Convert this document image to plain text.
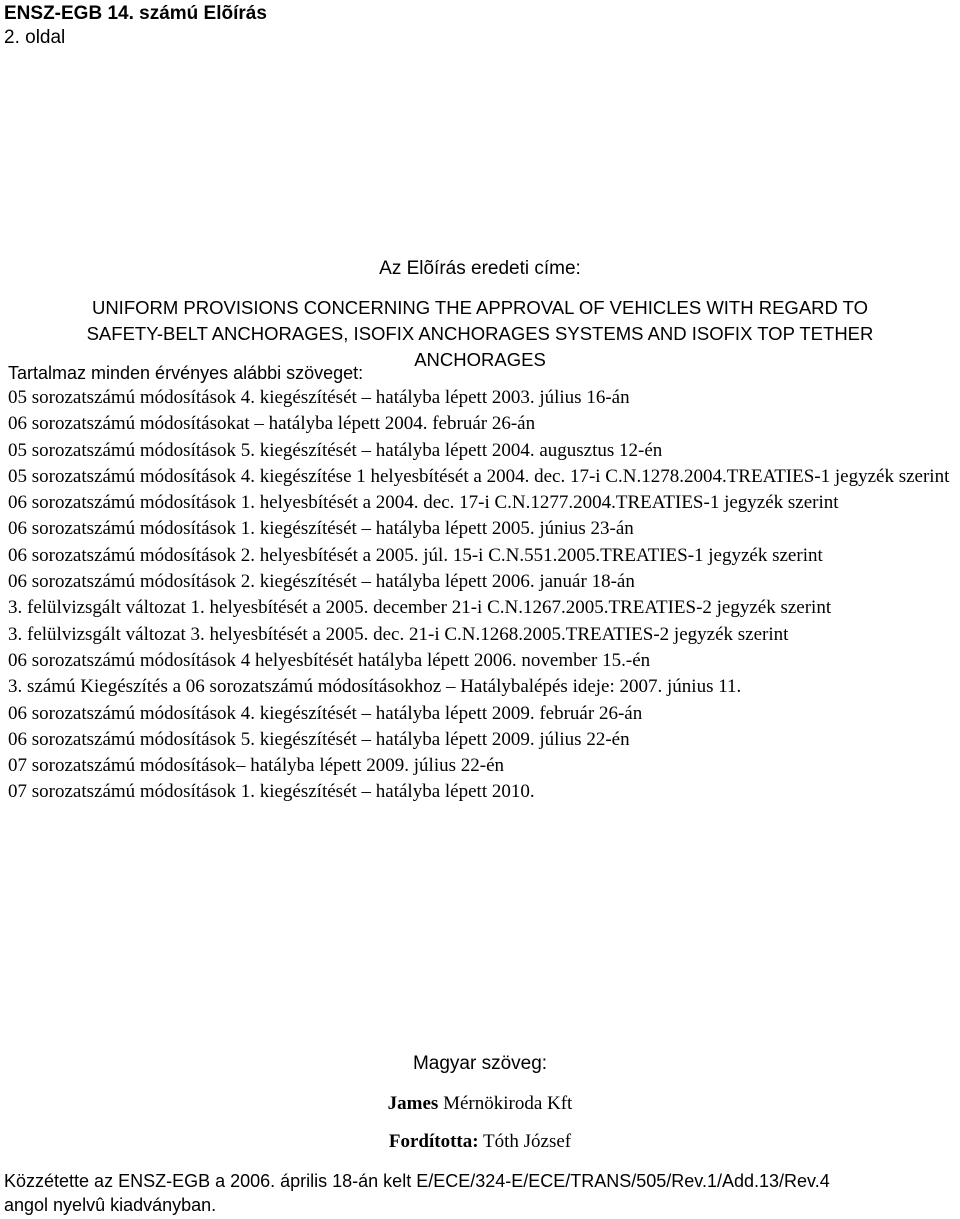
ENSZ-EGB 14. számú Elõírás
2. oldal
Az Elõírás eredeti címe:
UNIFORM PROVISIONS CONCERNING THE APPROVAL OF VEHICLES WITH REGARD TO
SAFETY-BELT ANCHORAGES, ISOFIX ANCHORAGES SYSTEMS AND ISOFIX TOP TETHER
ANCHORAGES
Tartalmaz minden érvényes alábbi szöveget:
05 sorozatszámú módosítások 4. kiegészítését – hatályba lépett 2003. július 16-án
06 sorozatszámú módosításokat – hatályba lépett 2004. február 26-án
05 sorozatszámú módosítások 5. kiegészítését – hatályba lépett 2004. augusztus 12-én
05 sorozatszámú módosítások 4. kiegészítése 1 helyesbítését a 2004. dec. 17-i C.N.1278.2004.TREATIES-1 jegyzék szerint
06 sorozatszámú módosítások 1. helyesbítését a 2004. dec. 17-i C.N.1277.2004.TREATIES-1 jegyzék szerint
06 sorozatszámú módosítások 1. kiegészítését – hatályba lépett 2005. június 23-án
06 sorozatszámú módosítások 2. helyesbítését a 2005. júl. 15-i C.N.551.2005.TREATIES-1 jegyzék szerint
06 sorozatszámú módosítások 2. kiegészítését – hatályba lépett 2006. január 18-án
3. felülvizsgált változat 1. helyesbítését a 2005. december 21-i C.N.1267.2005.TREATIES-2 jegyzék szerint
3. felülvizsgált változat 3. helyesbítését a 2005. dec. 21-i C.N.1268.2005.TREATIES-2 jegyzék szerint
06 sorozatszámú módosítások 4 helyesbítését hatályba lépett 2006. november 15.-én
3. számú Kiegészítés a 06 sorozatszámú módosításokhoz – Hatálybalépés ideje: 2007. június 11.
06 sorozatszámú módosítások 4. kiegészítését – hatályba lépett 2009. február 26-án
06 sorozatszámú módosítások 5. kiegészítését – hatályba lépett 2009. július 22-én
07 sorozatszámú módosítások– hatályba lépett 2009. július 22-én
07 sorozatszámú módosítások 1. kiegészítését – hatályba lépett 2010.
Magyar szöveg:
James Mérnökiroda Kft
Fordította: Tóth József
Közzétette az ENSZ-EGB a 2006. április 18-án kelt E/ECE/324-E/ECE/TRANS/505/Rev.1/Add.13/Rev.4
angol nyelvû kiadványban.
